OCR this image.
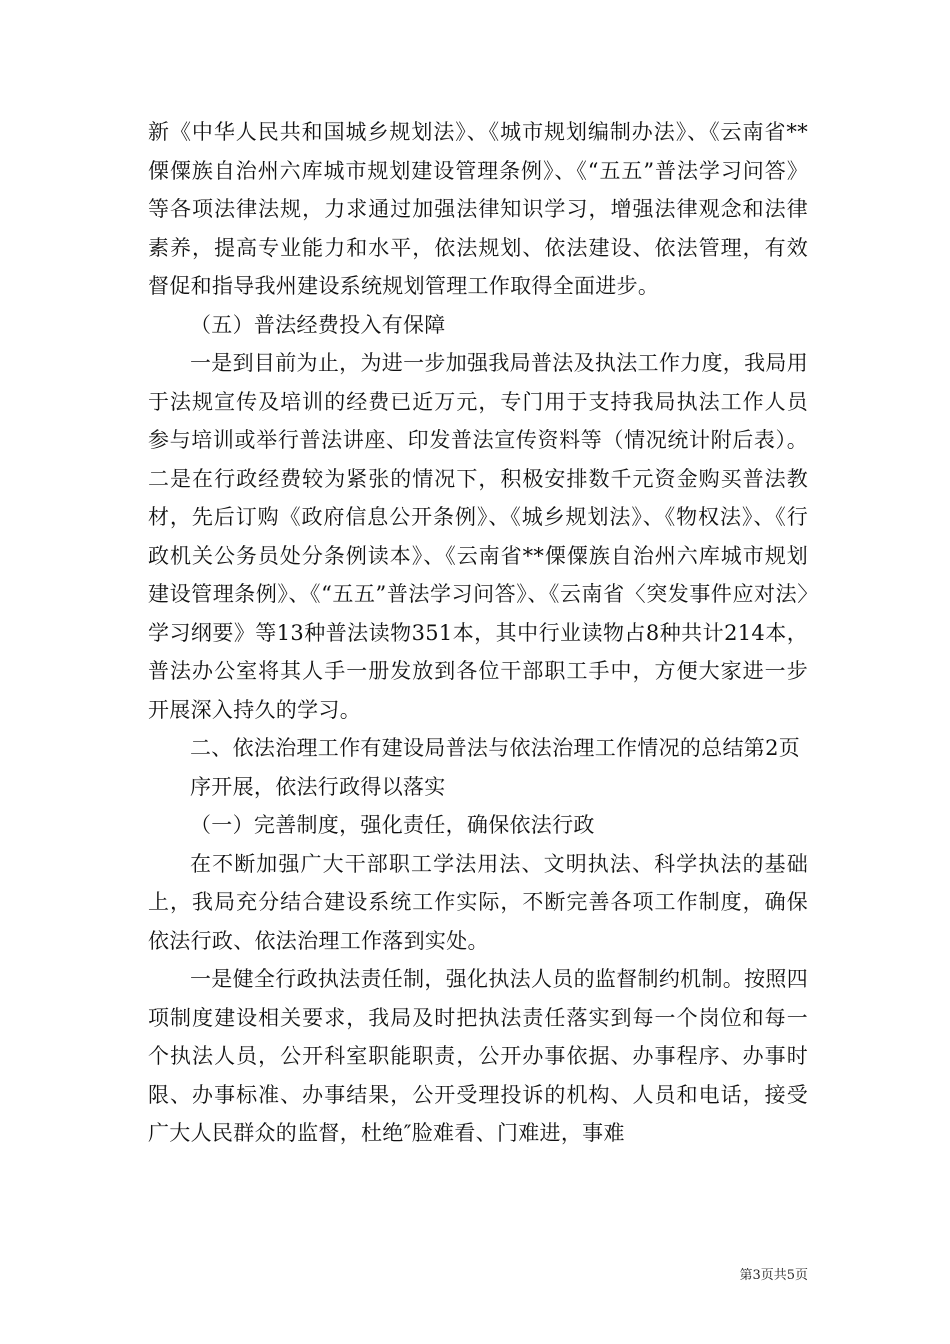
新《中华人民共和国城乡规划法》、《城市规划编制办法》、《云南省**傈僳族自治州六库城市规划建设管理条例》、《“五五”普法学习问答》等各项法律法规，力求通过加强法律知识学习，增强法律观念和法律素养，提高专业能力和水平，依法规划、依法建设、依法管理，有效督促和指导我州建设系统规划管理工作取得全面进步。

（五）普法经费投入有保障

一是到目前为止，为进一步加强我局普法及执法工作力度，我局用于法规宣传及培训的经费已近万元，专门用于支持我局执法工作人员参与培训或举行普法讲座、印发普法宣传资料等（情况统计附后表）。二是在行政经费较为紧张的情况下，积极安排数千元资金购买普法教材，先后订购《政府信息公开条例》、《城乡规划法》、《物权法》、《行政机关公务员处分条例读本》、《云南省**傈僳族自治州六库城市规划建设管理条例》、《“五五”普法学习问答》、《云南省〈突发事件应对法〉学习纲要》等13种普法读物351本，其中行业读物占8种共计214本，普法办公室将其人手一册发放到各位干部职工手中，方便大家进一步开展深入持久的学习。

二、依法治理工作有建设局普法与依法治理工作情况的总结第2页

序开展，依法行政得以落实

（一）完善制度，强化责任，确保依法行政

在不断加强广大干部职工学法用法、文明执法、科学执法的基础上，我局充分结合建设系统工作实际，不断完善各项工作制度，确保依法行政、依法治理工作落到实处。

一是健全行政执法责任制，强化执法人员的监督制约机制。按照四项制度建设相关要求，我局及时把执法责任落实到每一个岗位和每一个执法人员，公开科室职能职责，公开办事依据、办事程序、办事时限、办事标准、办事结果，公开受理投诉的机构、人员和电话，接受广大人民群众的监督，杜绝″脸难看、门难进，事难

第3页共5页
